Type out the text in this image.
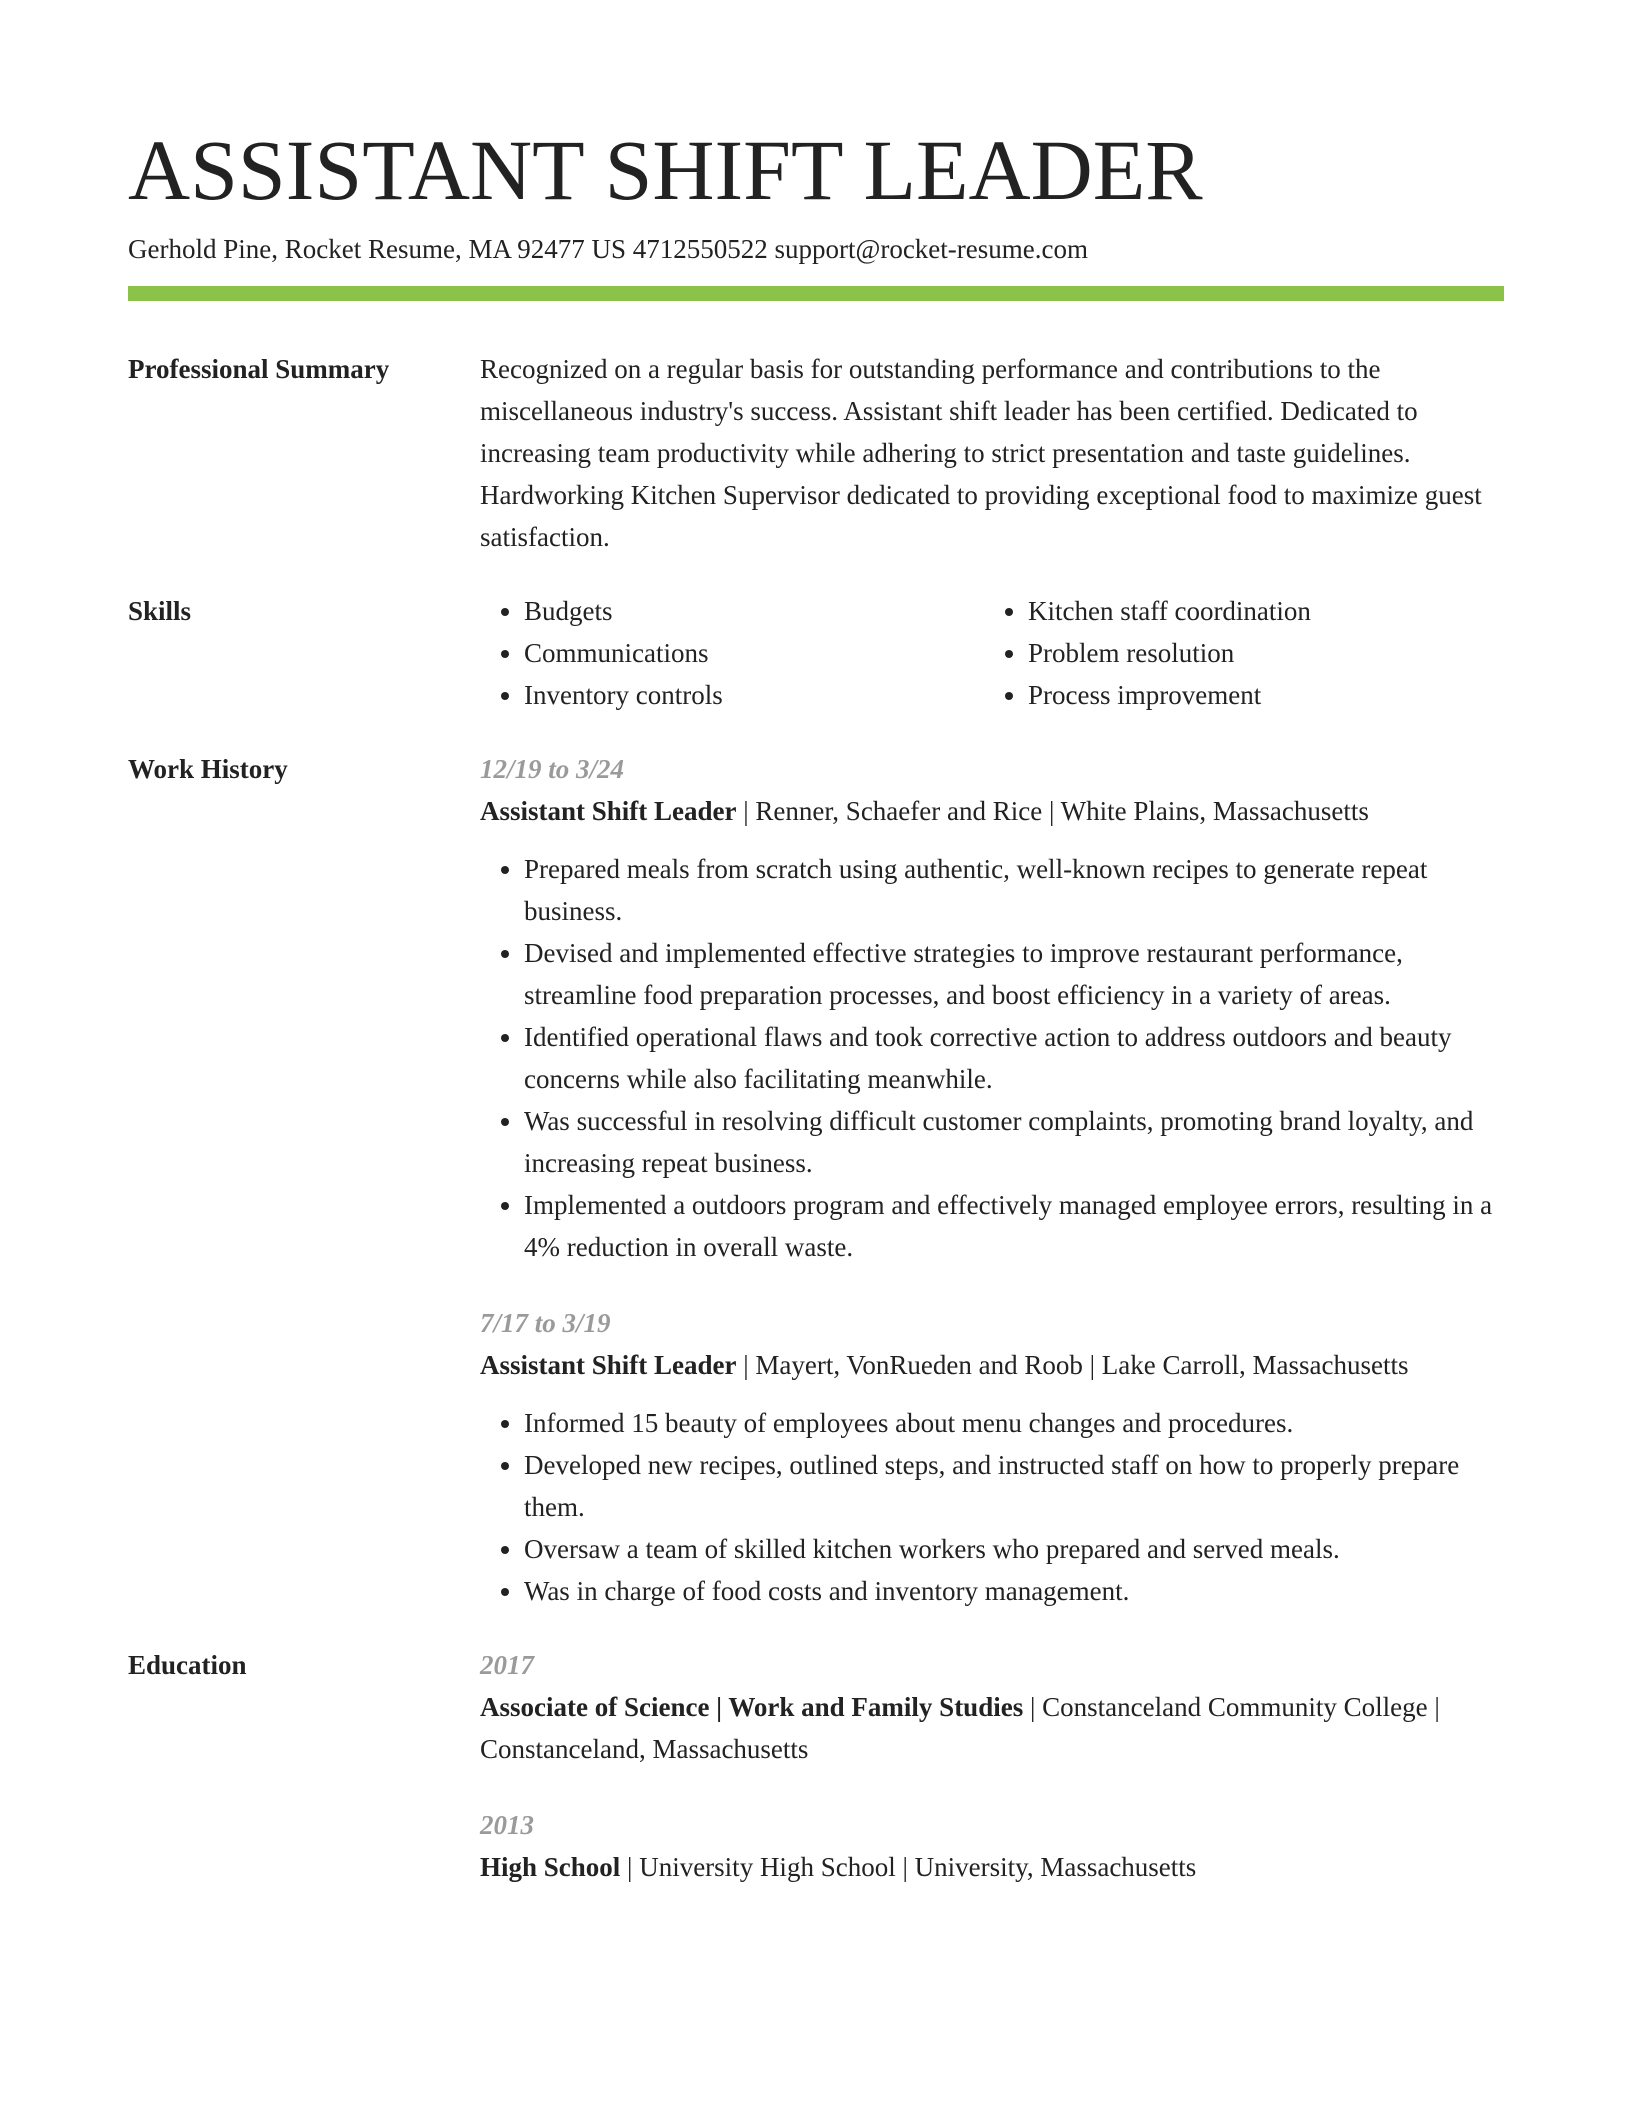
ASSISTANT SHIFT LEADER
Gerhold Pine, Rocket Resume, MA 92477 US 4712550522 support@rocket-resume.com
Professional Summary	Recognized on a regular basis for outstanding performance and contributions to the miscellaneous industry's success. Assistant shift leader has been certified. Dedicated to increasing team productivity while adhering to strict presentation and taste guidelines. Hardworking Kitchen Supervisor dedicated to providing exceptional food to maximize guest satisfaction.

Skills
•	Budgets
• Communications
• Inventory controls
• Kitchen staff coordination
• Problem resolution
• Process improvement
Work History	12/19 to 3/24
Assistant Shift Leader | Renner, Schaefer and Rice | White Plains, Massachusetts
• Prepared meals from scratch using authentic, well-known recipes to generate repeat business.
• Devised and implemented effective strategies to improve restaurant performance, streamline food preparation processes, and boost efficiency in a variety of areas.
• Identified operational flaws and took corrective action to address outdoors and beauty concerns while also facilitating meanwhile.
• Was successful in resolving difficult customer complaints, promoting brand loyalty, and increasing repeat business.
• Implemented a outdoors program and effectively managed employee errors, resulting in a 4% reduction in overall waste.
7/17 to 3/19
Assistant Shift Leader | Mayert, VonRueden and Roob | Lake Carroll, Massachusetts
• Informed 15 beauty of employees about menu changes and procedures.
• Developed new recipes, outlined steps, and instructed staff on how to properly prepare them.
• Oversaw a team of skilled kitchen workers who prepared and served meals.
• Was in charge of food costs and inventory management.
Education	2017
Associate of Science | Work and Family Studies | Constanceland Community College | Constanceland, Massachusetts
2013
High School | University High School | University, Massachusetts
